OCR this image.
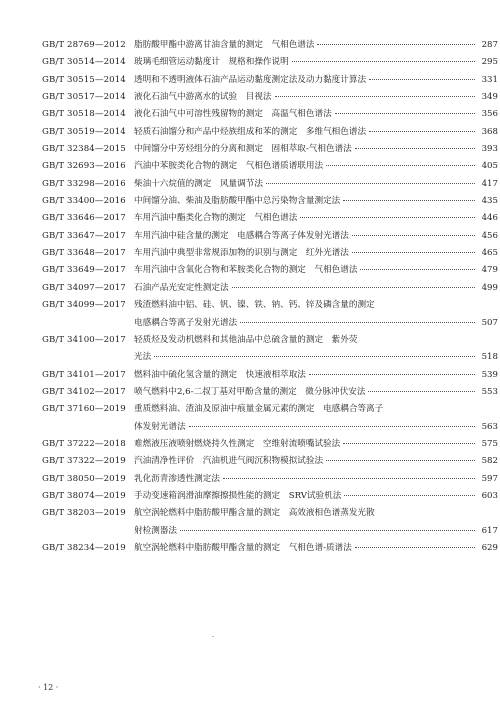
GB/T 28769—2012 脂肪酸甲酯中游离甘油含量的测定　气相色谱法	287
GB/T 30514—2014 玻璃毛细管运动黏度计　规格和操作说明	295
GB/T 30515—2014 透明和不透明液体石油产品运动黏度测定法及动力黏度计算法	331
GB/T 30517—2014 液化石油气中游离水的试验　目视法	349
GB/T 30518—2014 液化石油气中可溶性残留物的测定　高温气相色谱法	356
GB/T 30519—2014 轻质石油馏分和产品中烃族组成和苯的测定　多维气相色谱法	368
GB/T 32384—2015 中间馏分中芳烃组分的分离和测定　固相萃取-气相色谱法	393
GB/T 32693—2016 汽油中苯胺类化合物的测定　气相色谱质谱联用法	405
GB/T 33298—2016 柴油十六烷值的测定　风量调节法	417
GB/T 33400—2016 中间馏分油、柴油及脂肪酸甲酯中总污染物含量测定法	435
GB/T 33646—2017 车用汽油中酯类化合物的测定　气相色谱法	446
GB/T 33647—2017 车用汽油中硅含量的测定　电感耦合等离子体发射光谱法	456
GB/T 33648—2017 车用汽油中典型非常规添加物的识别与测定　红外光谱法	465
GB/T 33649—2017 车用汽油中含氧化合物和苯胺类化合物的测定　气相色谱法	479
GB/T 34097—2017 石油产品光安定性测定法	499
GB/T 34099—2017 残渣燃料油中铝、硅、钒、镍、铁、钠、钙、锌及磷含量的测定
电感耦合等离子发射光谱法	507
GB/T 34100—2017 轻质烃及发动机燃料和其他油品中总硫含量的测定　紫外荧
光法	518
GB/T 34101—2017 燃料油中硫化氢含量的测定　快速液相萃取法	539
GB/T 34102—2017 喷气燃料中2,6-二叔丁基对甲酚含量的测定　微分脉冲伏安法	553
GB/T 37160—2019 重质燃料油、渣油及原油中痕量金属元素的测定　电感耦合等离子
体发射光谱法	563
GB/T 37222—2018 难燃液压液喷射燃烧持久性测定　空维射流喷嘴试验法	575
GB/T 37322—2019 汽油清净性评价　汽油机进气阀沉积物模拟试验法	582
GB/T 38050—2019 乳化沥青渗透性测定法	597
GB/T 38074—2019 手动变速箱润滑油摩擦擦损性能的测定　SRV试验机法	603
GB/T 38203—2019 航空涡轮燃料中脂肪酸甲酯含量的测定　高效液相色谱蒸发光散
射检测器法	617
GB/T 38234—2019 航空涡轮燃料中脂肪酸甲酯含量的测定　气相色谱-质谱法	629
· 12 ·
